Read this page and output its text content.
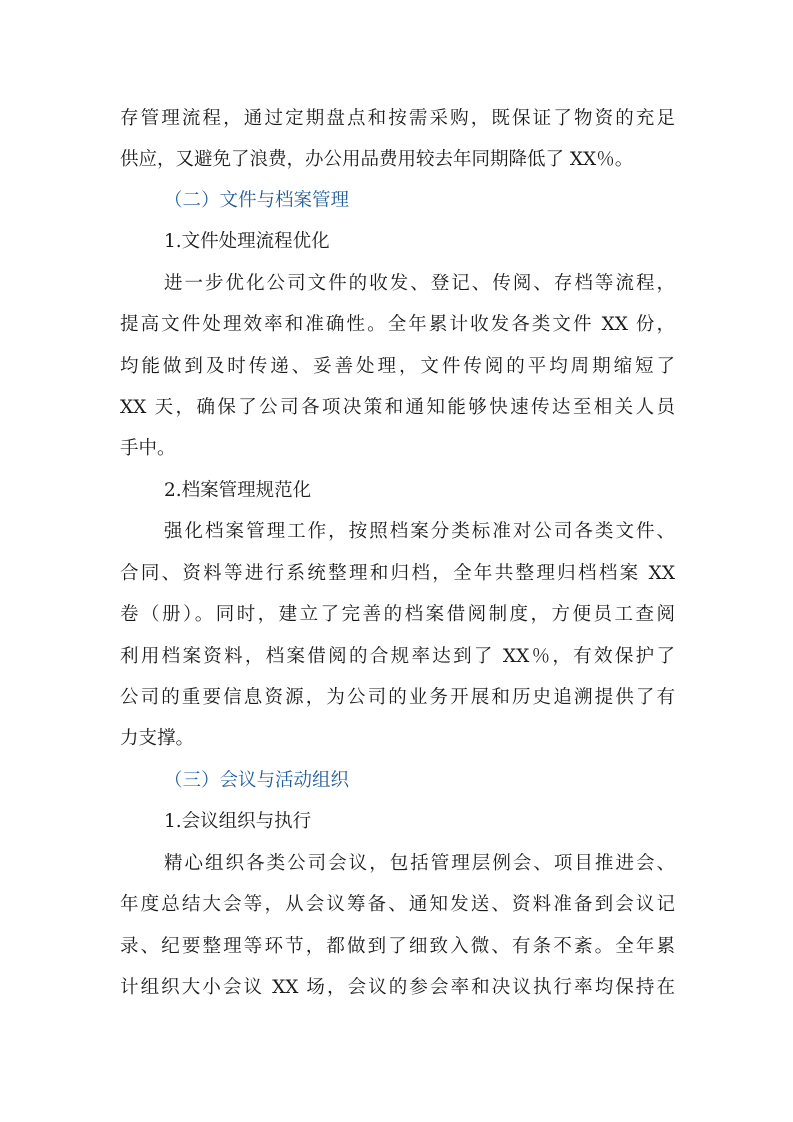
存管理流程，通过定期盘点和按需采购，既保证了物资的充足
供应，又避免了浪费，办公用品费用较去年同期降低了 XX％。
（二）文件与档案管理
1.文件处理流程优化
进一步优化公司文件的收发、登记、传阅、存档等流程，
提高文件处理效率和准确性。全年累计收发各类文件 XX 份，
均能做到及时传递、妥善处理，文件传阅的平均周期缩短了
XX 天，确保了公司各项决策和通知能够快速传达至相关人员
手中。
2.档案管理规范化
强化档案管理工作，按照档案分类标准对公司各类文件、
合同、资料等进行系统整理和归档，全年共整理归档档案 XX
卷（册）。同时，建立了完善的档案借阅制度，方便员工查阅
利用档案资料，档案借阅的合规率达到了 XX％，有效保护了
公司的重要信息资源，为公司的业务开展和历史追溯提供了有
力支撑。
（三）会议与活动组织
1.会议组织与执行
精心组织各类公司会议，包括管理层例会、项目推进会、
年度总结大会等，从会议筹备、通知发送、资料准备到会议记
录、纪要整理等环节，都做到了细致入微、有条不紊。全年累
计组织大小会议 XX 场，会议的参会率和决议执行率均保持在
